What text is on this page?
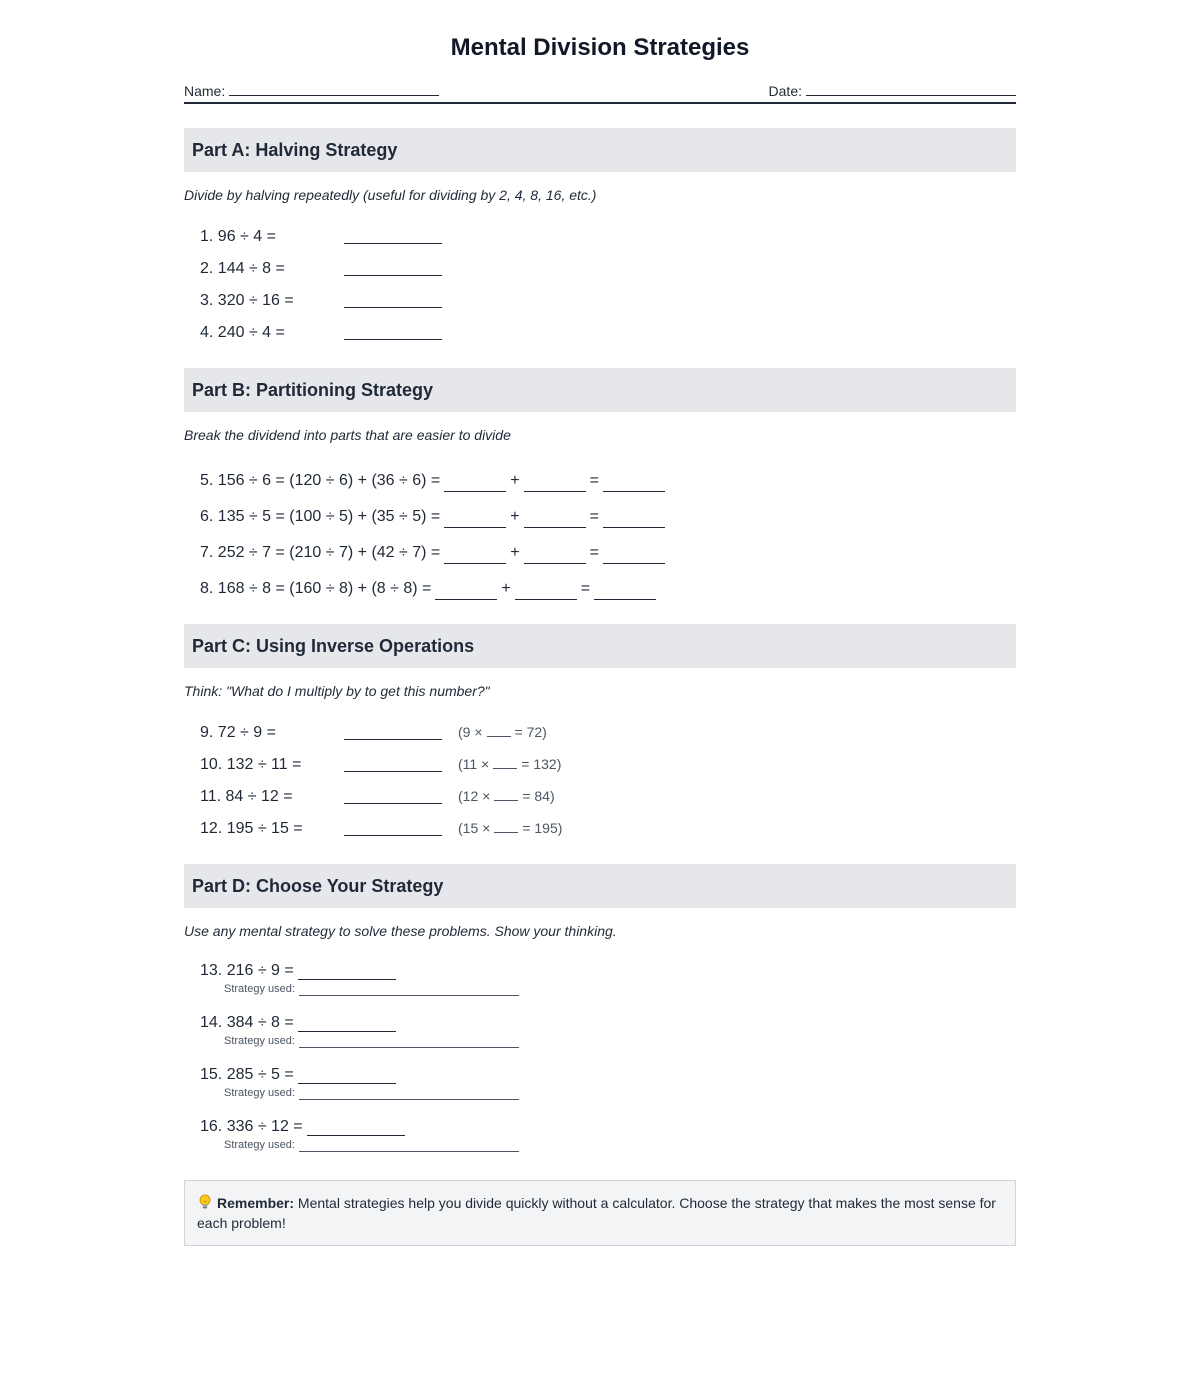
Mental Division Strategies
Name:	Date:
Part A: Halving Strategy
Divide by halving repeatedly (useful for dividing by 2, 4, 8, 16, etc.)
1. 96 ÷ 4 =
2. 144 ÷ 8 =
3. 320 ÷ 16 =
4. 240 ÷ 4 =
Part B: Partitioning Strategy
Break the dividend into parts that are easier to divide
5. 156 ÷ 6 = (120 ÷ 6) + (36 ÷ 6) =	+	=
6. 135 ÷ 5 = (100 ÷ 5) + (35 ÷ 5) =	+	=
7. 252 ÷ 7 = (210 ÷ 7) + (42 ÷ 7) =	+	=
8. 168 ÷ 8 = (160 ÷ 8) + (8 ÷ 8) =	+	=
Part C: Using Inverse Operations
Think: "What do I multiply by to get this number?"
9. 72 ÷ 9 =	(9 × = 72)
10. 132 ÷ 11 =	(11 × = 132)
11. 84 ÷ 12 =	(12 × = 84)
12. 195 ÷ 15 =	(15 × = 195)
Part D: Choose Your Strategy
Use any mental strategy to solve these problems. Show your thinking.
13. 216 ÷ 9 =
Strategy used:
14. 384 ÷ 8 =
Strategy used:
15. 285 ÷ 5 =
Strategy used:
16. 336 ÷ 12 =
Strategy used:
Remember: Mental strategies help you divide quickly without a calculator. Choose the strategy that makes the most sense for each problem!
